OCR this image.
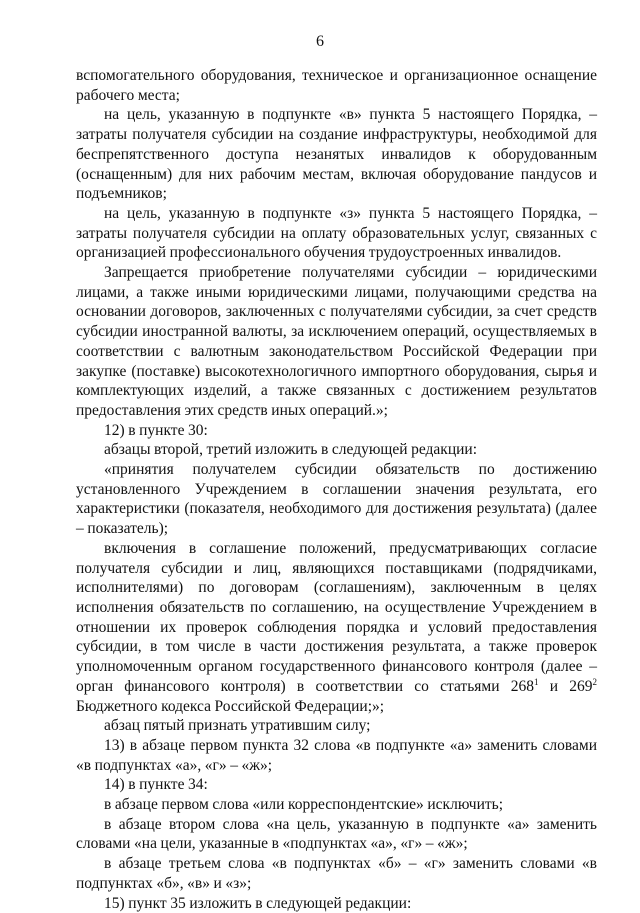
6

вспомогательного оборудования, техническое и организационное оснащение рабочего места;

на цель, указанную в подпункте «в» пункта 5 настоящего Порядка, – затраты получателя субсидии на создание инфраструктуры, необходимой для беспрепятственного доступа незанятых инвалидов к оборудованным (оснащенным) для них рабочим местам, включая оборудование пандусов и подъемников;

на цель, указанную в подпункте «з» пункта 5 настоящего Порядка, – затраты получателя субсидии на оплату образовательных услуг, связанных с организацией профессионального обучения трудоустроенных инвалидов.

Запрещается приобретение получателями субсидии – юридическими лицами, а также иными юридическими лицами, получающими средства на основании договоров, заключенных с получателями субсидии, за счет средств субсидии иностранной валюты, за исключением операций, осуществляемых в соответствии с валютным законодательством Российской Федерации при закупке (поставке) высокотехнологичного импортного оборудования, сырья и комплектующих изделий, а также связанных с достижением результатов предоставления этих средств иных операций.»;

12) в пункте 30:

абзацы второй, третий изложить в следующей редакции:

«принятия получателем субсидии обязательств по достижению установленного Учреждением в соглашении значения результата, его характеристики (показателя, необходимого для достижения результата) (далее – показатель);

включения в соглашение положений, предусматривающих согласие получателя субсидии и лиц, являющихся поставщиками (подрядчиками, исполнителями) по договорам (соглашениям), заключенным в целях исполнения обязательств по соглашению, на осуществление Учреждением в отношении их проверок соблюдения порядка и условий предоставления субсидии, в том числе в части достижения результата, а также проверок уполномоченным органом государственного финансового контроля (далее – орган финансового контроля) в соответствии со статьями $268^1$ и $269^2$ Бюджетного кодекса Российской Федерации;»;

абзац пятый признать утратившим силу;

13) в абзаце первом пункта 32 слова «в подпункте «а» заменить словами «в подпунктах «а», «г» – «ж»;

14) в пункте 34:

в абзаце первом слова «или корреспондентские» исключить;

в абзаце втором слова «на цель, указанную в подпункте «а» заменить словами «на цели, указанные в «подпунктах «а», «г» – «ж»;

в абзаце третьем слова «в подпунктах «б» – «г» заменить словами «в подпунктах «б», «в» и «з»;

15) пункт 35 изложить в следующей редакции:
